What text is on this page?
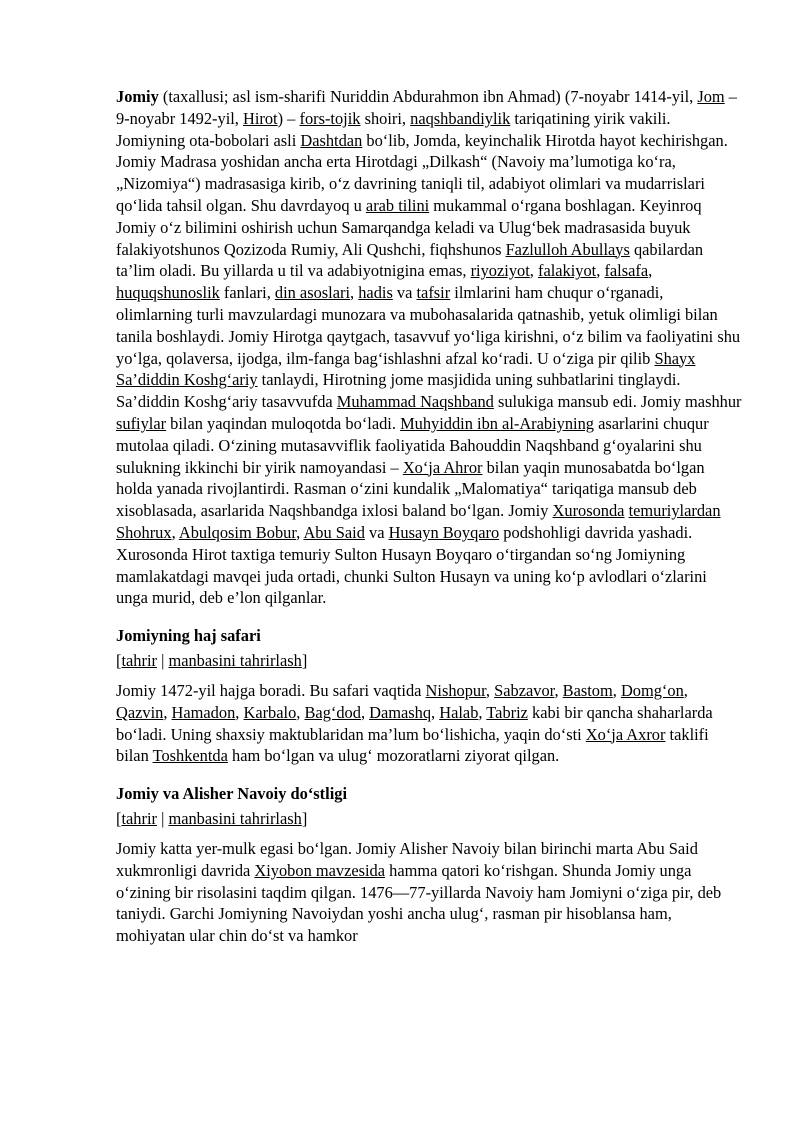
Jomiy (taxallusi; asl ism-sharifi Nuriddin Abdurahmon ibn Ahmad) (7-noyabr 1414-yil, Jom – 9-noyabr 1492-yil, Hirot) – fors-tojik shoiri, naqshbandiylik tariqatining yirik vakili. Jomiyning ota-bobolari asli Dashtdan bo‘lib, Jomda, keyinchalik Hirotda hayot kechirishgan. Jomiy Madrasa yoshidan ancha erta Hirotdagi „Dilkash“ (Navoiy ma’lumotiga ko‘ra, „Nizomiya“) madrasasiga kirib, o‘z davrining taniqli til, adabiyot olimlari va mudarrislari qo‘lida tahsil olgan. Shu davrdayoq u arab tilini mukammal o‘rgana boshlagan. Keyinroq Jomiy o‘z bilimini oshirish uchun Samarqandga keladi va Ulug‘bek madrasasida buyuk falakiyotshunos Qozizoda Rumiy, Ali Qushchi, fiqhshunos Fazlulloh Abullays qabilardan ta’lim oladi. Bu yillarda u til va adabiyotnigina emas, riyoziyot, falakiyot, falsafa, huquqshunoslik fanlari, din asoslari, hadis va tafsir ilmlarini ham chuqur o‘rganadi, olimlarning turli mavzulardagi munozara va mubohasalarida qatnashib, yetuk olimligi bilan tanila boshlaydi. Jomiy Hirotga qaytgach, tasavvuf yo‘liga kirishni, o‘z bilim va faoliyatini shu yo‘lga, qolaversa, ijodga, ilm-fanga bag‘ishlashni afzal ko‘radi. U o‘ziga pir qilib Shayx Sa’diddin Koshg‘ariy tanlaydi, Hirotning jome masjidida uning suhbatlarini tinglaydi. Sa’diddin Koshg‘ariy tasavvufda Muhammad Naqshband sulukiga mansub edi. Jomiy mashhur sufiylar bilan yaqindan muloqotda bo‘ladi. Muhyiddin ibn al-Arabiyning asarlarini chuqur mutolaa qiladi. O‘zining mutasavviflik faoliyatida Bahouddin Naqshband g‘oyalarini shu sulukning ikkinchi bir yirik namoyandasi – Xo‘ja Ahror bilan yaqin munosabatda bo‘lgan holda yanada rivojlantirdi. Rasman o‘zini kundalik „Malomatiya“ tariqatiga mansub deb xisoblasada, asarlarida Naqshbandga ixlosi baland bo‘lgan. Jomiy Xurosonda temuriylardan Shohrux, Abulqosim Bobur, Abu Said va Husayn Boyqaro podshohligi davrida yashadi. Xurosonda Hirot taxtiga temuriy Sulton Husayn Boyqaro o‘tirgandan so‘ng Jomiyning mamlakatdagi mavqei juda ortadi, chunki Sulton Husayn va uning ko‘p avlodlari o‘zlarini unga murid, deb e’lon qilganlar.

Jomiyning haj safari

[tahrir | manbasini tahrirlash]

Jomiy 1472-yil hajga boradi. Bu safari vaqtida Nishopur, Sabzavor, Bastom, Domg‘on, Qazvin, Hamadon, Karbalo, Bag‘dod, Damashq, Halab, Tabriz kabi bir qancha shaharlarda bo‘ladi. Uning shaxsiy maktublaridan ma’lum bo‘lishicha, yaqin do‘sti Xo‘ja Axror taklifi bilan Toshkentda ham bo‘lgan va ulug‘ mozoratlarni ziyorat qilgan.

Jomiy va Alisher Navoiy do‘stligi

[tahrir | manbasini tahrirlash]

Jomiy katta yer-mulk egasi bo‘lgan. Jomiy Alisher Navoiy bilan birinchi marta Abu Said xukmronligi davrida Xiyobon mavzesida hamma qatori ko‘rishgan. Shunda Jomiy unga o‘zining bir risolasini taqdim qilgan. 1476—77-yillarda Navoiy ham Jomiyni o‘ziga pir, deb taniydi. Garchi Jomiyning Navoiydan yoshi ancha ulug‘, rasman pir hisoblansa ham, mohiyatan ular chin do‘st va hamkor
